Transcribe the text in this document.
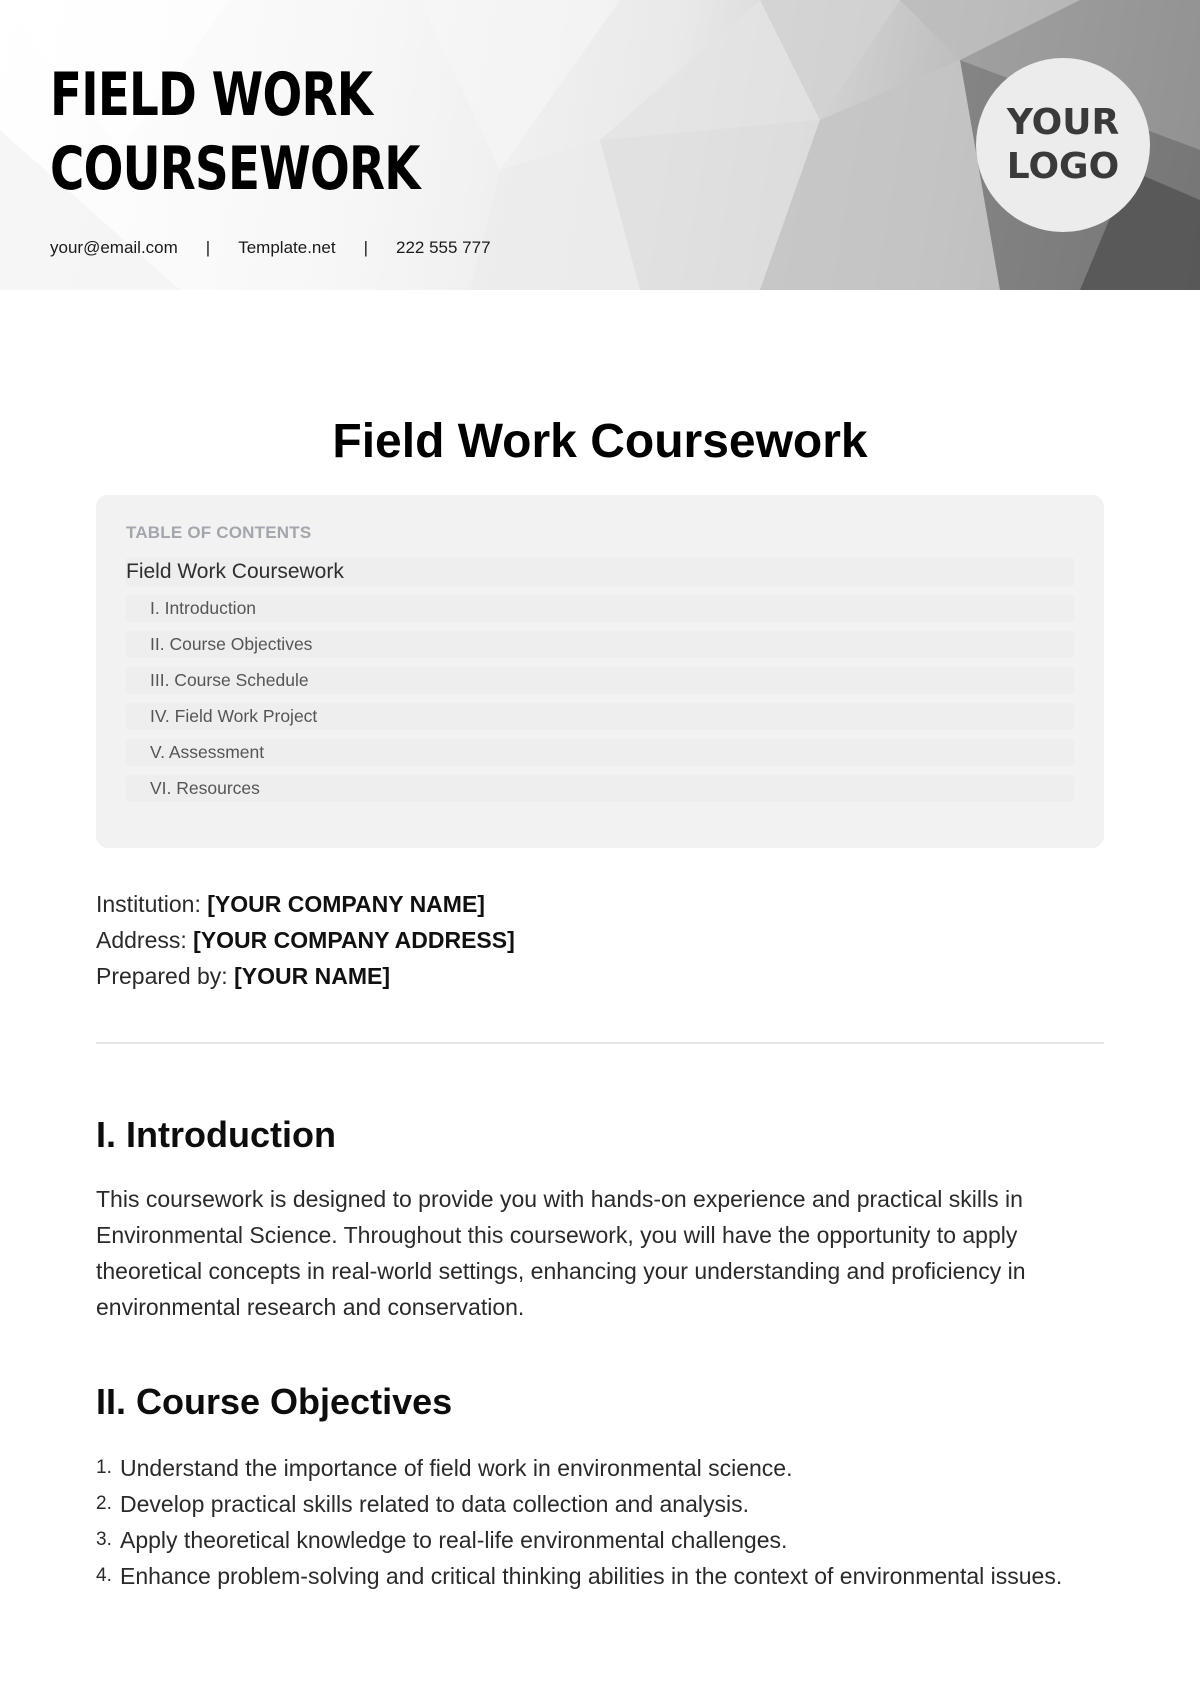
FIELD WORK
COURSEWORK
your@email.com | Template.net | 222 555 777
YOUR
LOGO
Field Work Coursework
TABLE OF CONTENTS
Field Work Coursework
I. Introduction
II. Course Objectives
III. Course Schedule
IV. Field Work Project
V. Assessment
VI. Resources
Institution: [YOUR COMPANY NAME]
Address: [YOUR COMPANY ADDRESS]
Prepared by: [YOUR NAME]
I. Introduction

This coursework is designed to provide you with hands-on experience and practical skills in Environmental Science. Throughout this coursework, you will have the opportunity to apply theoretical concepts in real-world settings, enhancing your understanding and proficiency in environmental research and conservation.

II. Course Objectives
1. Understand the importance of field work in environmental science.
2. Develop practical skills related to data collection and analysis.
3. Apply theoretical knowledge to real-life environmental challenges.
4. Enhance problem-solving and critical thinking abilities in the context of environmental issues.
